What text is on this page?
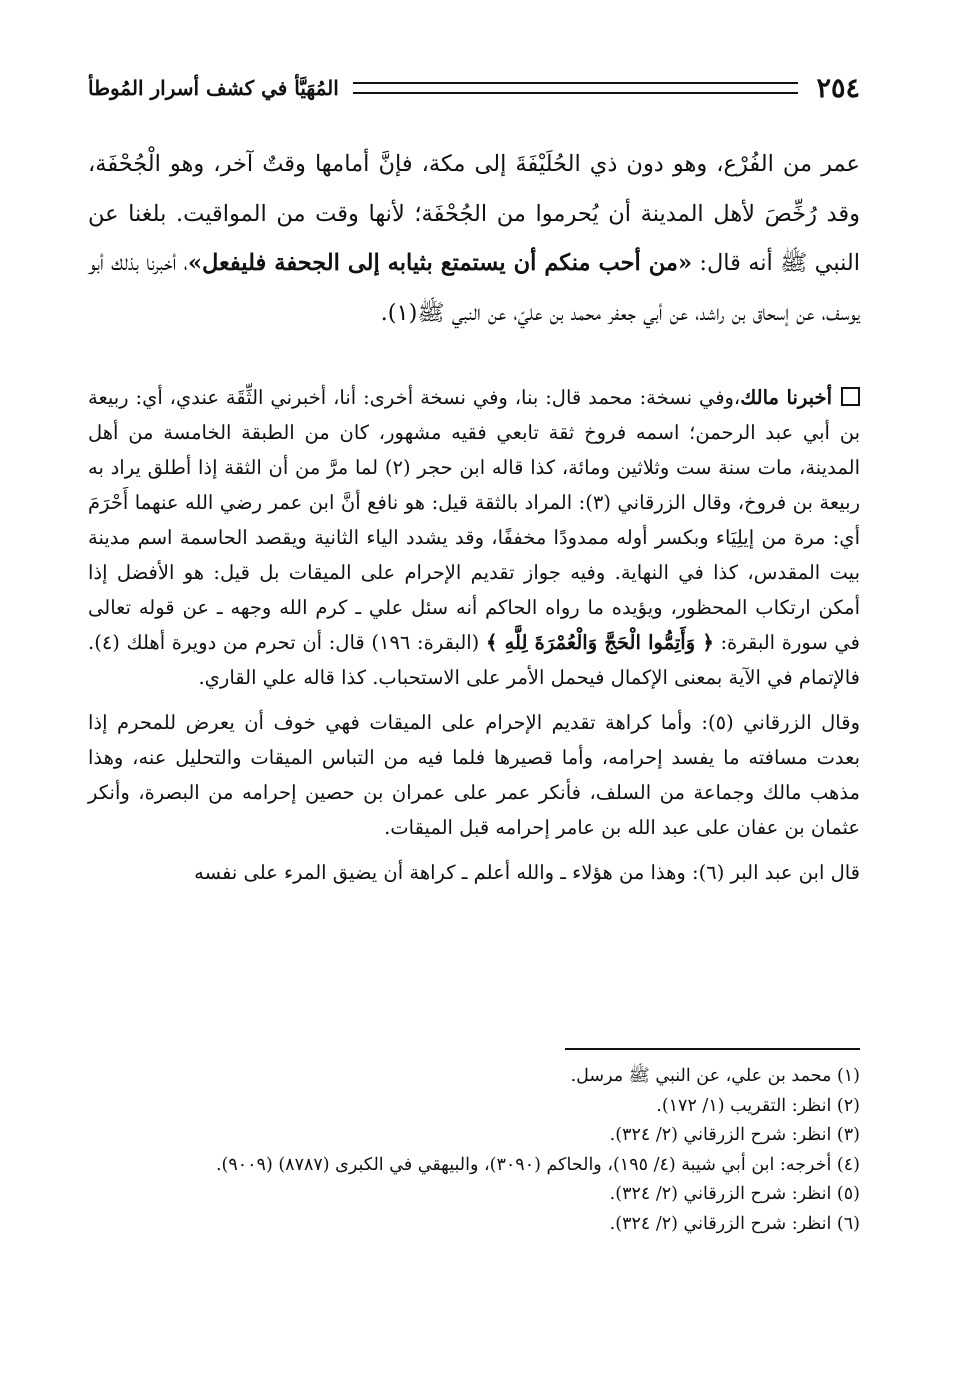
٢٥٤
المُهَيَّأ في كشف أسرار المُوطأ
عمر من الفُرْع، وهو دون ذي الحُلَيْفَةَ إلى مكة، فإنَّ أمامها وقتٌ آخر، وهو الْجُحْفَة، وقد رُخِّصَ لأهل المدينة أن يُحرموا من الجُحْفَة؛ لأنها وقت من المواقيت. بلغنا عن النبي ﷺ أنه قال: «من أحب منكم أن يستمتع بثيابه إلى الجحفة فليفعل»، أخبرنا بذلك أبو يوسف، عن إسحاق بن راشد، عن أبي جعفر محمد بن عليّ، عن النبي ﷺ(١).

أخبرنا مالك،وفي نسخة: محمد قال: بنا، وفي نسخة أخرى: أنا، أخبرني الثِّقَة عندي، أي: ربيعة بن أبي عبد الرحمن؛ اسمه فروخ ثقة تابعي فقيه مشهور، كان من الطبقة الخامسة من أهل المدينة، مات سنة ست وثلاثين ومائة، كذا قاله ابن حجر (٢) لما مرَّ من أن الثقة إذا أطلق يراد به ربيعة بن فروخ، وقال الزرقاني (٣): المراد بالثقة قيل: هو نافع أنَّ ابن عمر رضي الله عنهما أَحْرَمَ أي: مرة من إيلِيَاء وبكسر أوله ممدودًا مخففًا، وقد يشدد الياء الثانية ويقصد الحاسمة اسم مدينة بيت المقدس، كذا في النهاية. وفيه جواز تقديم الإحرام على الميقات بل قيل: هو الأفضل إذا أمكن ارتكاب المحظور، ويؤيده ما رواه الحاكم أنه سئل علي ـ كرم الله وجهه ـ عن قوله تعالى في سورة البقرة: ﴿ وَأَتِمُّوا الْحَجَّ وَالْعُمْرَةَ لِلَّهِ ﴾ (البقرة: ١٩٦) قال: أن تحرم من دويرة أهلك (٤). فالإتمام في الآية بمعنى الإكمال فيحمل الأمر على الاستحباب. كذا قاله علي القاري.

وقال الزرقاني (٥): وأما كراهة تقديم الإحرام على الميقات فهي خوف أن يعرض للمحرم إذا بعدت مسافته ما يفسد إحرامه، وأما قصيرها فلما فيه من التباس الميقات والتحليل عنه، وهذا مذهب مالك وجماعة من السلف، فأنكر عمر على عمران بن حصين إحرامه من البصرة، وأنكر عثمان بن عفان على عبد الله بن عامر إحرامه قبل الميقات.

قال ابن عبد البر (٦): وهذا من هؤلاء ـ والله أعلم ـ كراهة أن يضيق المرء على نفسه

(١) محمد بن علي، عن النبي ﷺ مرسل.
(٢) انظر: التقريب (١/ ١٧٢).
(٣) انظر: شرح الزرقاني (٢/ ٣٢٤).
(٤) أخرجه: ابن أبي شيبة (٤/ ١٩٥)، والحاكم (٣٠٩٠)، والبيهقي في الكبرى (٨٧٨٧) (٩٠٠٩).
(٥) انظر: شرح الزرقاني (٢/ ٣٢٤).
(٦) انظر: شرح الزرقاني (٢/ ٣٢٤).
